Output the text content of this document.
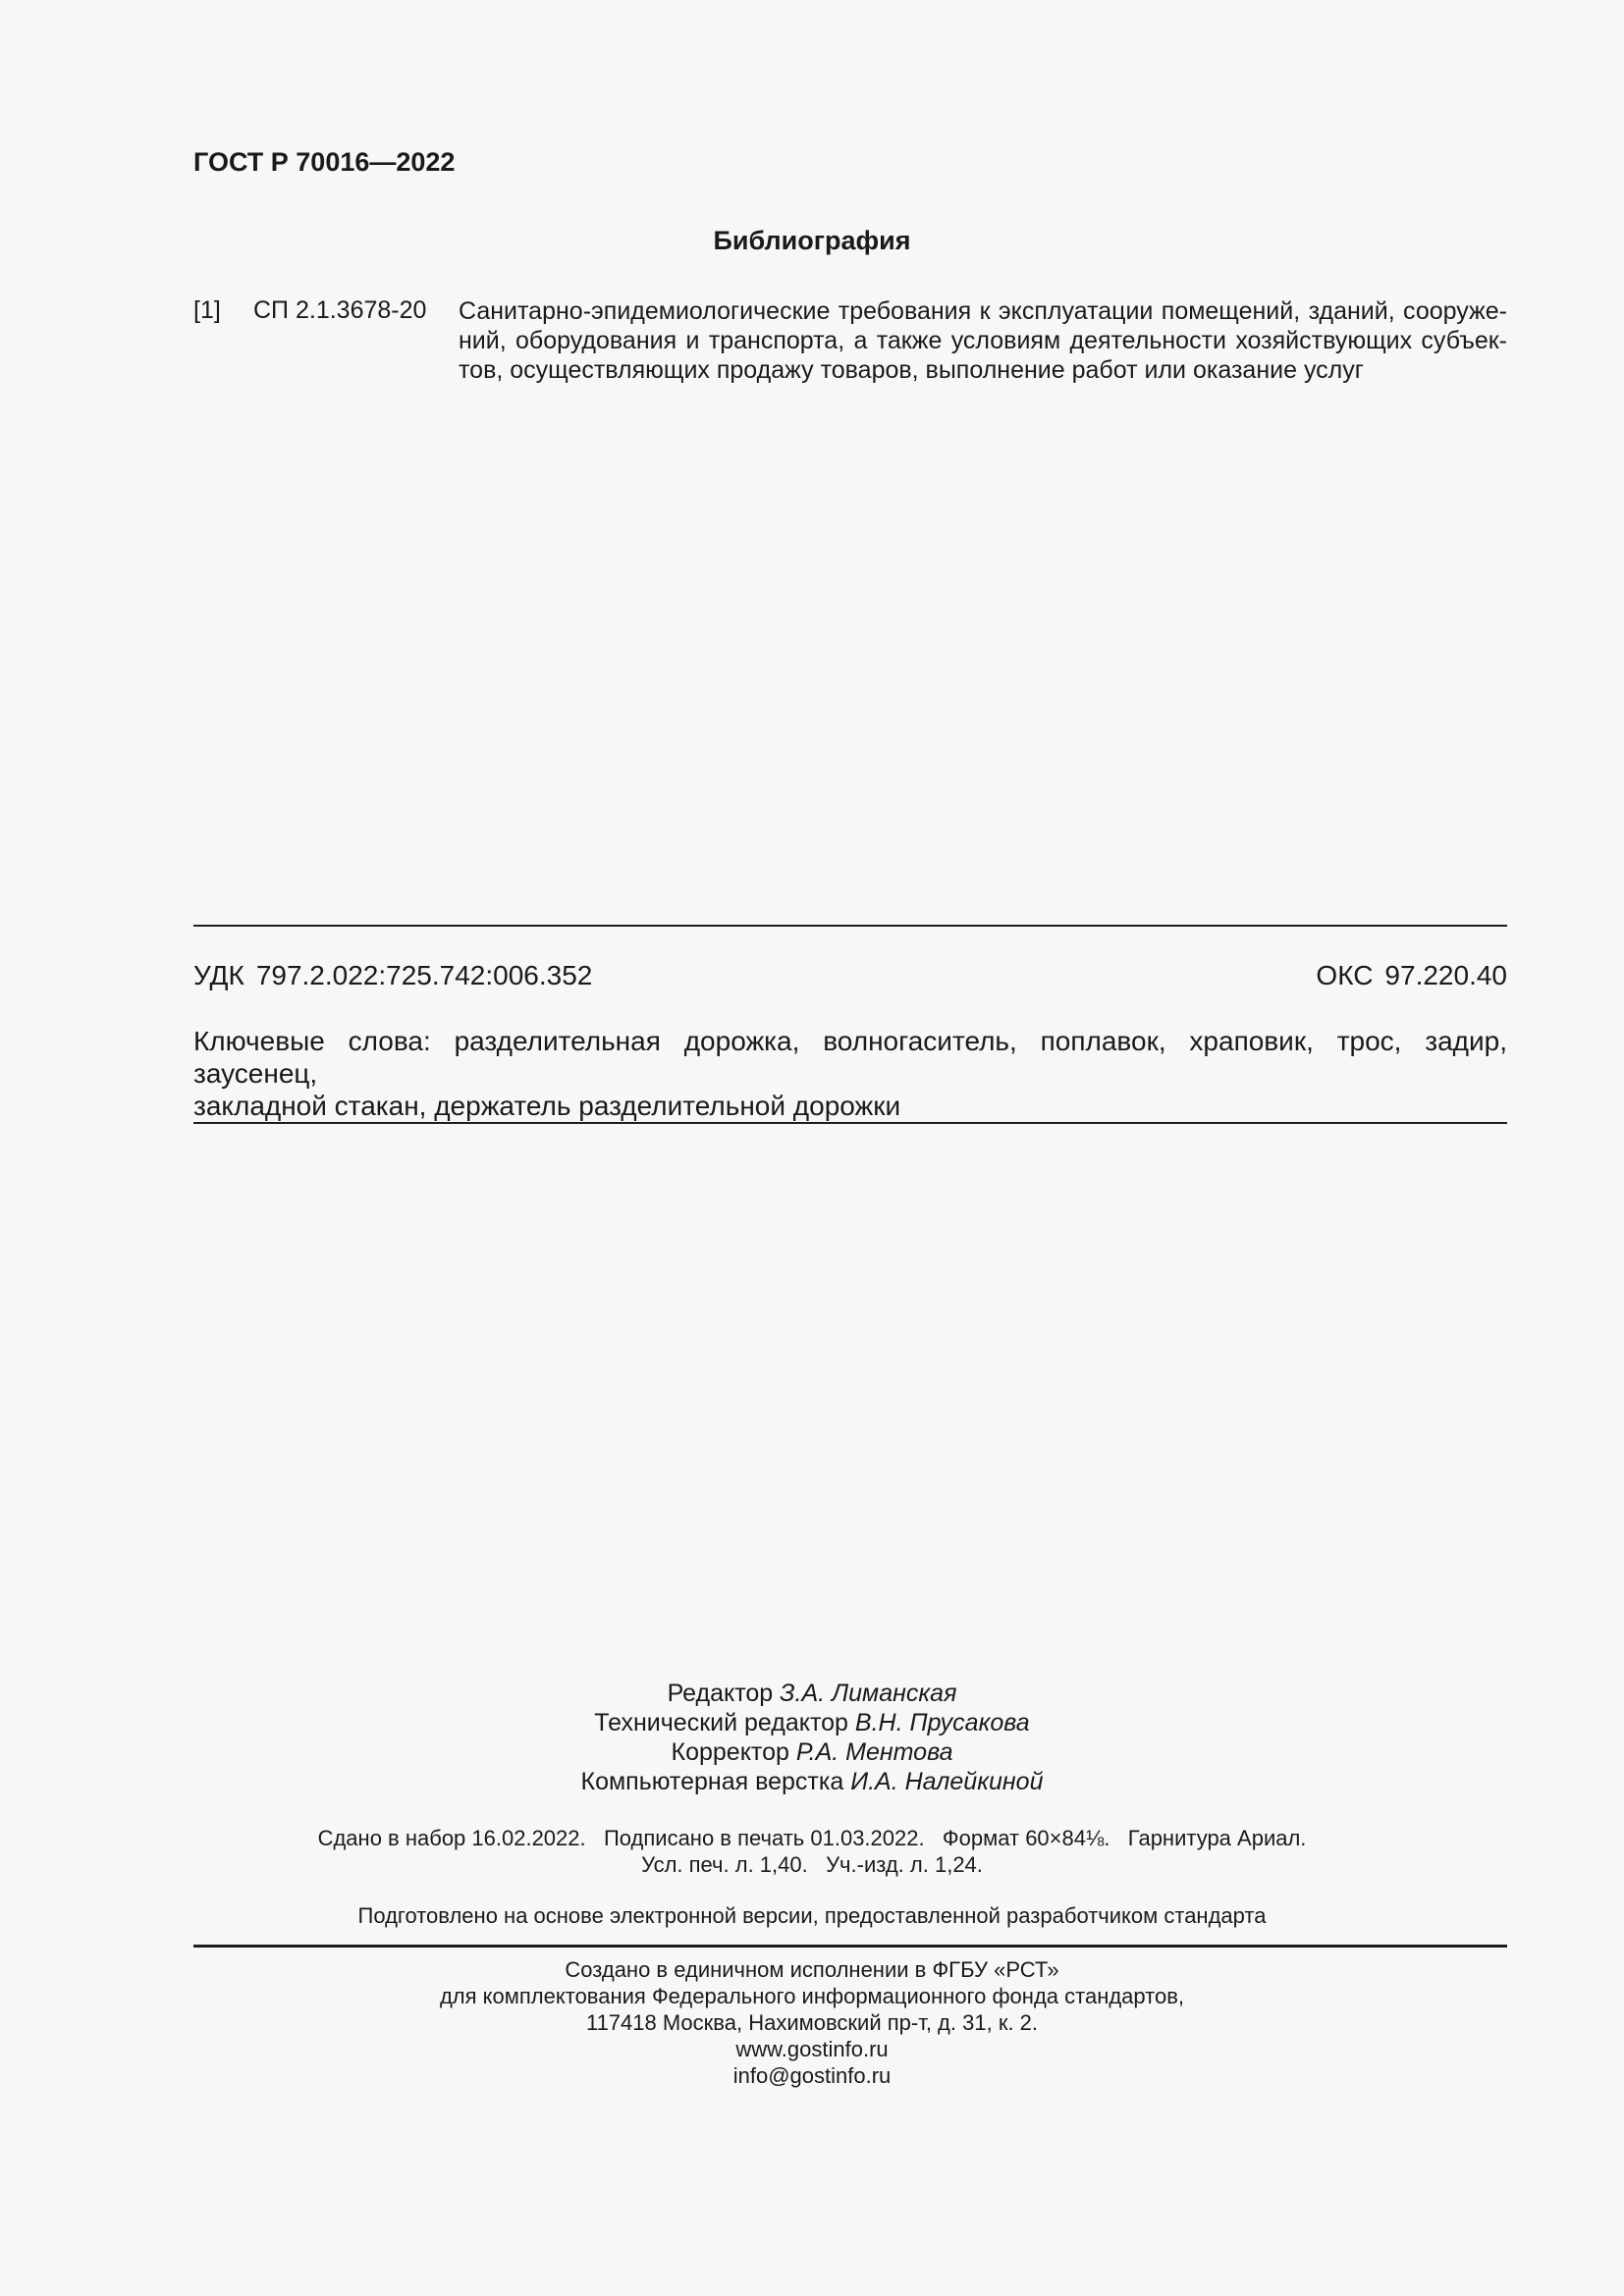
ГОСТ Р 70016—2022
Библиография
[1] СП 2.1.3678-20 Санитарно-эпидемиологические требования к эксплуатации помещений, зданий, сооруже-
ний, оборудования и транспорта, а также условиям деятельности хозяйствующих субъек-
тов, осуществляющих продажу товаров, выполнение работ или оказание услуг
УДК 797.2.022:725.742:006.352	ОКС 97.220.40
Ключевые слова: разделительная дорожка, волногаситель, поплавок, храповик, трос, задир, заусенец,
закладной стакан, держатель разделительной дорожки
Редактор З.А. Лиманская
Технический редактор В.Н. Прусакова
Корректор Р.А. Ментова
Компьютерная верстка И.А. Налейкиной
Сдано в набор 16.02.2022.   Подписано в печать 01.03.2022.   Формат 60×84⅛.   Гарнитура Ариал.
Усл. печ. л. 1,40.   Уч.-изд. л. 1,24.
Подготовлено на основе электронной версии, предоставленной разработчиком стандарта
Создано в единичном исполнении в ФГБУ «РСТ»
для комплектования Федерального информационного фонда стандартов,
117418 Москва, Нахимовский пр-т, д. 31, к. 2.
www.gostinfo.ru
info@gostinfo.ru
